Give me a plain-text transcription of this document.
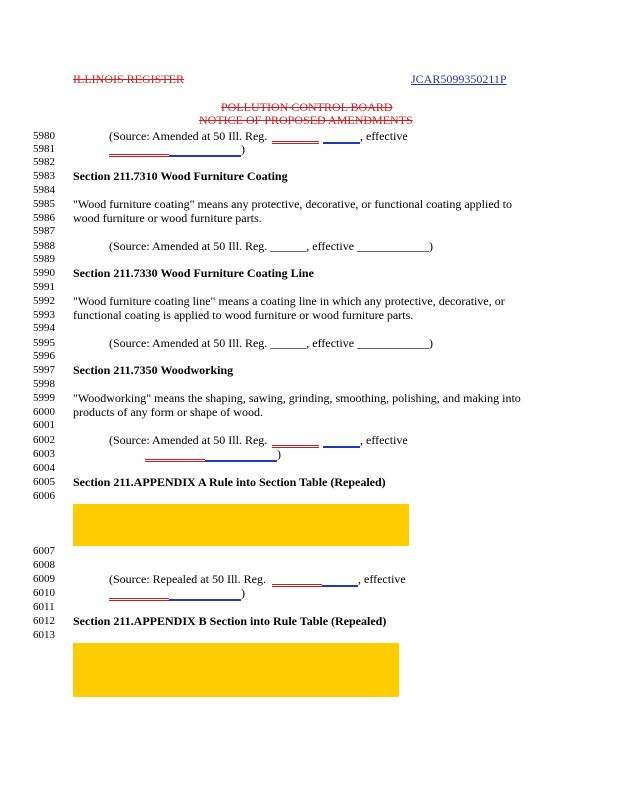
ILLINOIS REGISTER	JCAR5099350211P
POLLUTION CONTROL BOARD
NOTICE OF PROPOSED AMENDMENTS
5980
5981
5982
5983
5984
5985
5986
5987
5988
5989
5990
5991
5992
5993
5994
5995
5996
5997
5998
5999
6000
6001
6002
6003
6004
6005
6006
6007
6008
6009
6010
6011
6012
6013
(Source: Amended at 50 Ill. Reg.	, effective
)
Section 211.7310 Wood Furniture Coating
"Wood furniture coating" means any protective, decorative, or functional coating applied to
wood furniture or wood furniture parts.
(Source: Amended at 50 Ill. Reg. ______, effective ____________)
Section 211.7330 Wood Furniture Coating Line
"Wood furniture coating line" means a coating line in which any protective, decorative, or
functional coating is applied to wood furniture or wood furniture parts.
(Source: Amended at 50 Ill. Reg. ______, effective ____________)
Section 211.7350 Woodworking
"Woodworking" means the shaping, sawing, grinding, smoothing, polishing, and making into
products of any form or shape of wood.
(Source: Amended at 50 Ill. Reg.	, effective
)
Section 211.APPENDIX A Rule into Section Table (Repealed)
(Source: Repealed at 50 Ill. Reg.	, effective
)
Section 211.APPENDIX B Section into Rule Table (Repealed)
